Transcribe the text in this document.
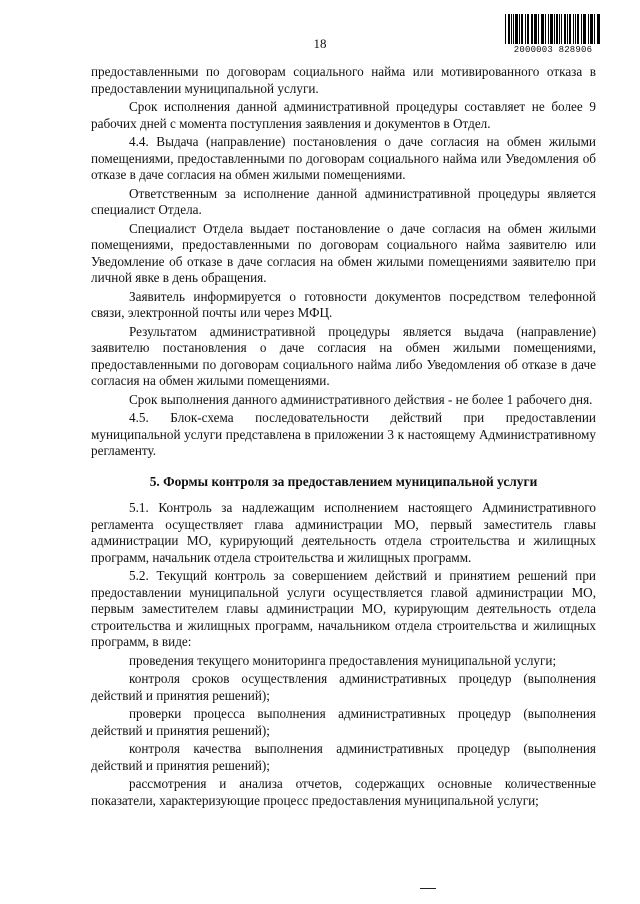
18	2000003 828906

предоставленными по договорам социального найма или мотивированного отказа в предоставлении муниципальной услуги.

Срок исполнения данной административной процедуры составляет не более 9 рабочих дней с момента поступления заявления и документов в Отдел.

4.4. Выдача (направление) постановления о даче согласия на обмен жилыми помещениями, предоставленными по договорам социального найма или Уведомления об отказе в даче согласия на обмен жилыми помещениями.

Ответственным за исполнение данной административной процедуры является специалист Отдела.

Специалист Отдела выдает постановление о даче согласия на обмен жилыми помещениями, предоставленными по договорам социального найма заявителю или Уведомление об отказе в даче согласия на обмен жилыми помещениями заявителю при личной явке в день обращения.

Заявитель информируется о готовности документов посредством телефонной связи, электронной почты или через МФЦ.

Результатом административной процедуры является выдача (направление) заявителю постановления о даче согласия на обмен жилыми помещениями, предоставленными по договорам социального найма либо Уведомления об отказе в даче согласия на обмен жилыми помещениями.

Срок выполнения данного административного действия - не более 1 рабочего дня.

4.5. Блок-схема последовательности действий при предоставлении муниципальной услуги представлена в приложении 3 к настоящему Административному регламенту.

5. Формы контроля за предоставлением муниципальной услуги

5.1. Контроль за надлежащим исполнением настоящего Административного регламента осуществляет глава администрации МО, первый заместитель главы администрации МО, курирующий деятельность отдела строительства и жилищных программ, начальник отдела строительства и жилищных программ.

5.2. Текущий контроль за совершением действий и принятием решений при предоставлении муниципальной услуги осуществляется главой администрации МО, первым заместителем главы администрации МО, курирующим деятельность отдела строительства и жилищных программ, начальником отдела строительства и жилищных программ, в виде:

проведения текущего мониторинга предоставления муниципальной услуги;

контроля сроков осуществления административных процедур (выполнения действий и принятия решений);

проверки процесса выполнения административных процедур (выполнения действий и принятия решений);

контроля качества выполнения административных процедур (выполнения действий и принятия решений);

рассмотрения и анализа отчетов, содержащих основные количественные показатели, характеризующие процесс предоставления муниципальной услуги;
